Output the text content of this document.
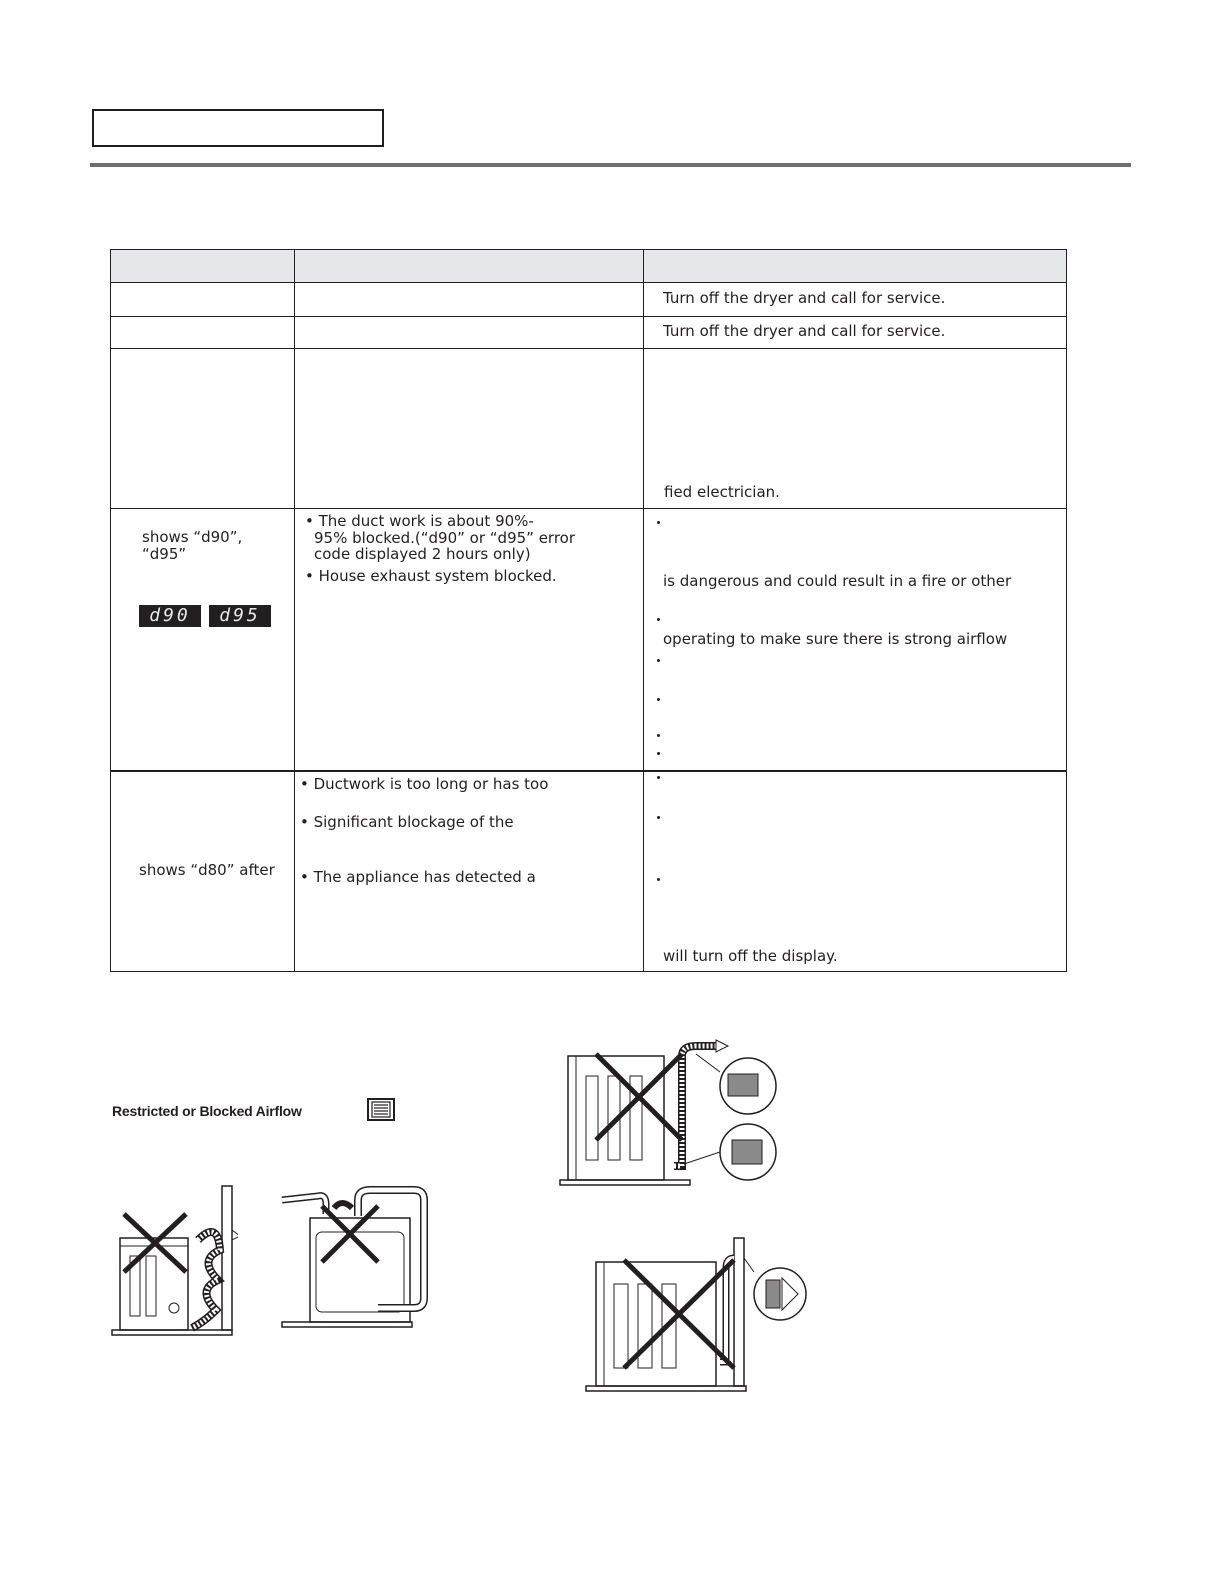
Turn off the dryer and call for service.
Turn off the dryer and call for service.
fied electrician.
shows “d90”,
“d95”
d90	d95
• The duct work is about 90%-
95% blocked.(“d90” or “d95” error
code displayed 2 hours only)
• House exhaust system blocked.	is dangerous and could result in a fire or other
operating to make sure there is strong airflow
shows “d80” after
• Ductwork is too long or has too
• Significant blockage of the
• The appliance has detected a
will turn off the display.
Restricted or Blocked Airflow
